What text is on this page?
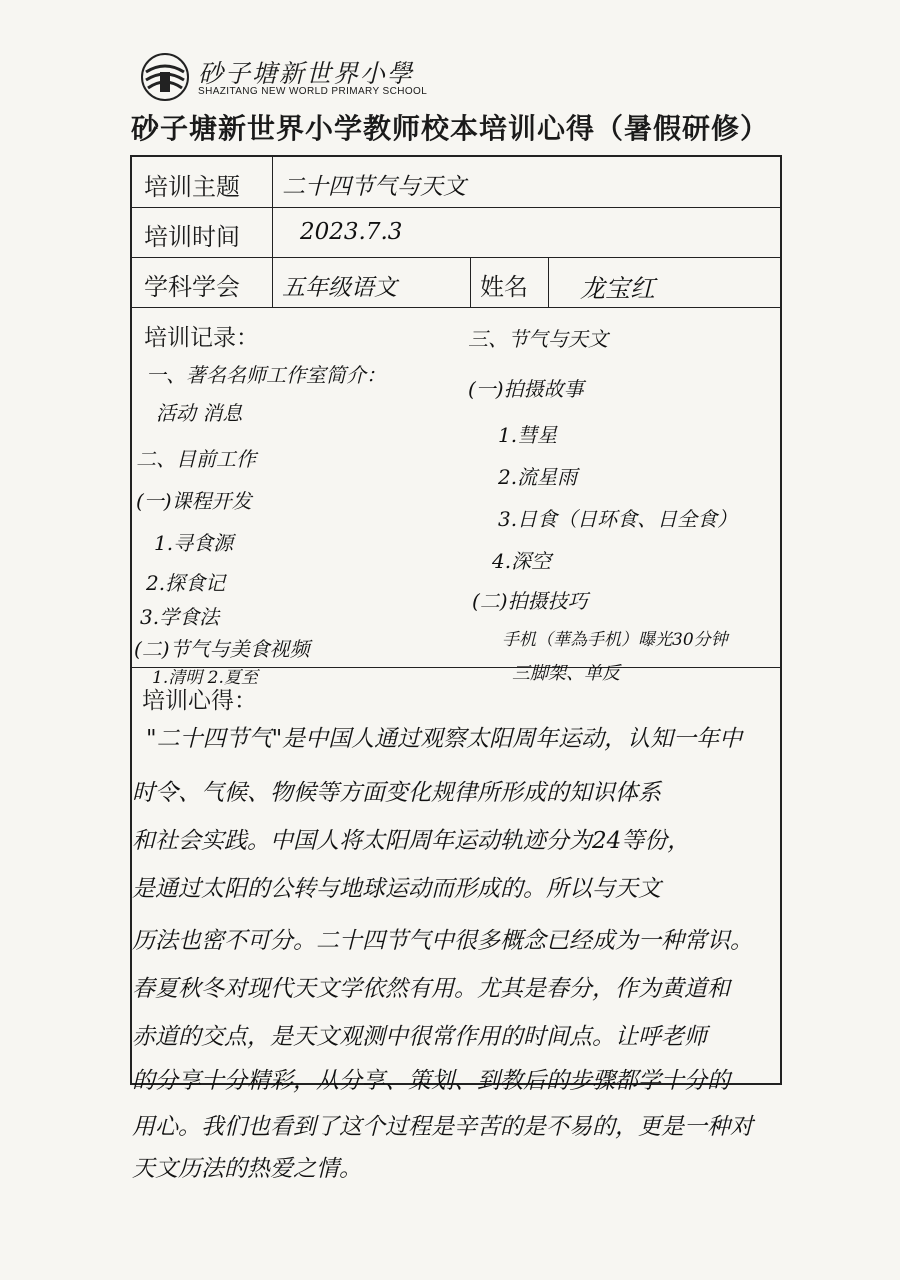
砂子塘新世界小學
SHAZITANG NEW WORLD PRIMARY SCHOOL
砂子塘新世界小学教师校本培训心得（暑假研修）
培训主题 二十四节气与天文
培训时间	2023.7.3
学科学会 五年级语文	姓名 龙宝红
培训记录：
一、著名名师工作室简介：
活动 消息
二、目前工作
(一)课程开发
1.寻食源
2.探食记
3.学食法
(二)节气与美食视频
1.清明 2.夏至
三、节气与天文
(一)拍摄故事
1.彗星
2.流星雨
3.日食（日环食、日全食）
4.深空
(二)拍摄技巧
手机（華為手机）曝光30分钟
三脚架、单反
培训心得：
"二十四节气"是中国人通过观察太阳周年运动，认知一年中
时令、气候、物候等方面变化规律所形成的知识体系
和社会实践。中国人将太阳周年运动轨迹分为24等份，
是通过太阳的公转与地球运动而形成的。所以与天文
历法也密不可分。二十四节气中很多概念已经成为一种常识。
春夏秋冬对现代天文学依然有用。尤其是春分，作为黄道和
赤道的交点，是天文观测中很常作用的时间点。让呼老师
的分享十分精彩，从分享、策划、到教后的步骤都学十分的
用心。我们也看到了这个过程是辛苦的是不易的，更是一种对
天文历法的热爱之情。
